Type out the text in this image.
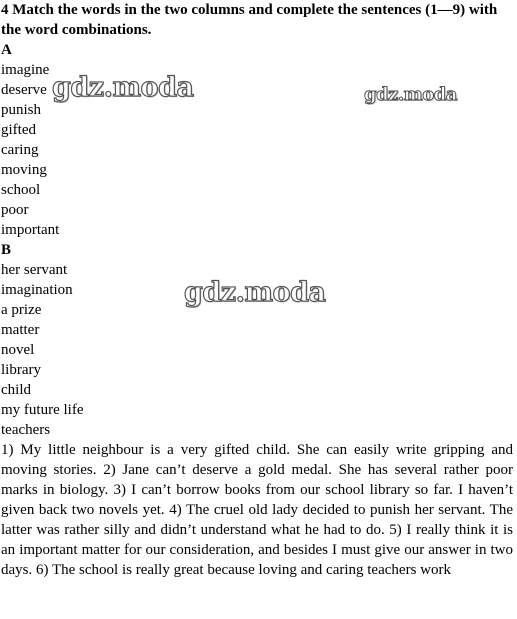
4 Match the words in the two columns and complete the sentences (1—9) with the word combinations.

A

imagine

deserve

punish

gifted

caring

moving

school

poor

important

B

her servant

imagination

a prize

matter

novel

library

child

my future life

teachers

1) My little neighbour is a very gifted child. She can easily write gripping and moving stories. 2) Jane can’t deserve a gold medal. She has several rather poor marks in biology. 3) I can’t borrow books from our school library so far. I haven’t given back two novels yet. 4) The cruel old lady decided to punish her servant. The latter was rather silly and didn’t understand what he had to do. 5) I really think it is an important matter for our consideration, and besides I must give our answer in two days. 6) The school is really great because loving and caring teachers work

gdz.moda	gdz.moda
gdz.moda
